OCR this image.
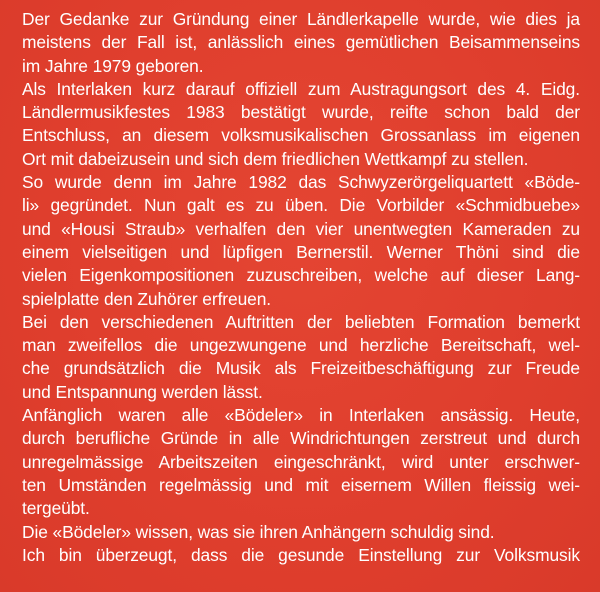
Der Gedanke zur Gründung einer Ländlerkapelle wurde, wie dies ja
meistens der Fall ist, anlässlich eines gemütlichen Beisammenseins
im Jahre 1979 geboren.
Als Interlaken kurz darauf offiziell zum Austragungsort des 4. Eidg.
Ländlermusikfestes 1983 bestätigt wurde, reifte schon bald der
Entschluss, an diesem volksmusikalischen Grossanlass im eigenen
Ort mit dabeizusein und sich dem friedlichen Wettkampf zu stellen.
So wurde denn im Jahre 1982 das Schwyzerörgeliquartett «Böde-
li» gegründet. Nun galt es zu üben. Die Vorbilder «Schmidbuebe»
und «Housi Straub» verhalfen den vier unentwegten Kameraden zu
einem vielseitigen und lüpfigen Bernerstil. Werner Thöni sind die
vielen Eigenkompositionen zuzuschreiben, welche auf dieser Lang-
spielplatte den Zuhörer erfreuen.
Bei den verschiedenen Auftritten der beliebten Formation bemerkt
man zweifellos die ungezwungene und herzliche Bereitschaft, wel-
che grundsätzlich die Musik als Freizeitbeschäftigung zur Freude
und Entspannung werden lässt.
Anfänglich waren alle «Bödeler» in Interlaken ansässig. Heute,
durch berufliche Gründe in alle Windrichtungen zerstreut und durch
unregelmässige Arbeitszeiten eingeschränkt, wird unter erschwer-
ten Umständen regelmässig und mit eisernem Willen fleissig wei-
tergeübt.
Die «Bödeler» wissen, was sie ihren Anhängern schuldig sind.
Ich bin überzeugt, dass die gesunde Einstellung zur Volksmusik
